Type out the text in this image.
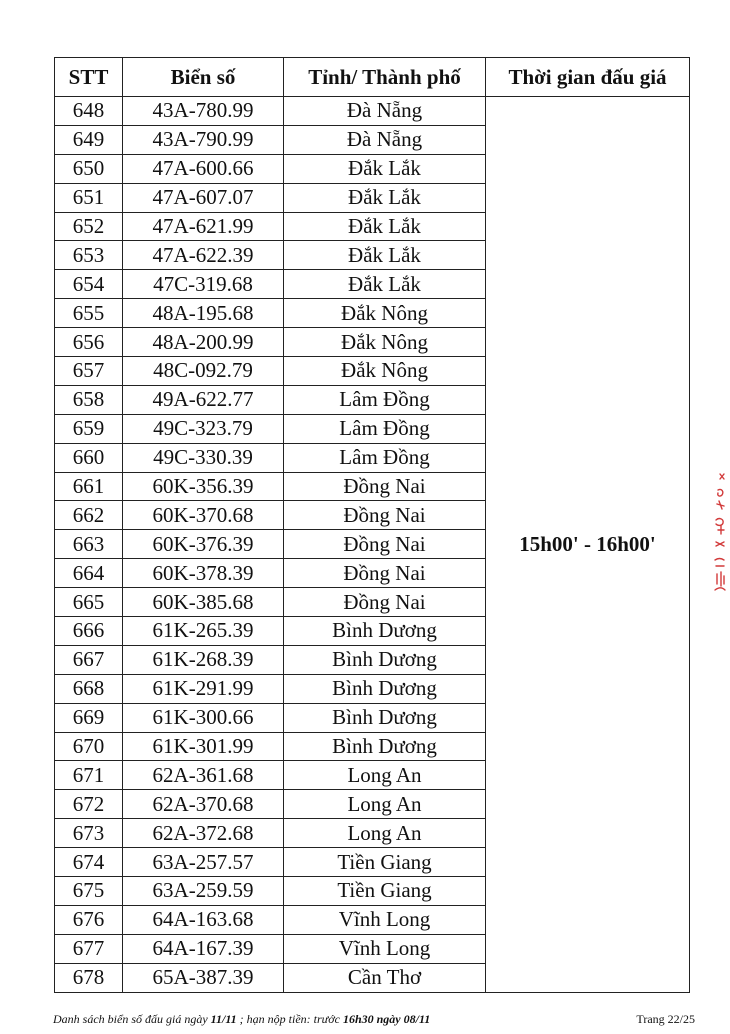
STT	Biển số	Tỉnh/ Thành phố	Thời gian đấu giá
648	43A-780.99	Đà Nẵng	15h00' - 16h00'
649	43A-790.99	Đà Nẵng	
650	47A-600.66	Đắk Lắk	
651	47A-607.07	Đắk Lắk	
652	47A-621.99	Đắk Lắk	
653	47A-622.39	Đắk Lắk	
654	47C-319.68	Đắk Lắk	
655	48A-195.68	Đắk Nông	
656	48A-200.99	Đắk Nông	
657	48C-092.79	Đắk Nông	
658	49A-622.77	Lâm Đồng	
659	49C-323.79	Lâm Đồng	
660	49C-330.39	Lâm Đồng	
661	60K-356.39	Đồng Nai	
662	60K-370.68	Đồng Nai	
663	60K-376.39	Đồng Nai	
664	60K-378.39	Đồng Nai	
665	60K-385.68	Đồng Nai	
666	61K-265.39	Bình Dương	
667	61K-268.39	Bình Dương	
668	61K-291.99	Bình Dương	
669	61K-300.66	Bình Dương	
670	61K-301.99	Bình Dương	
671	62A-361.68	Long An	
672	62A-370.68	Long An	
673	62A-372.68	Long An	
674	63A-257.57	Tiền Giang	
675	63A-259.59	Tiền Giang	
676	64A-163.68	Vĩnh Long	
677	64A-167.39	Vĩnh Long	
678	65A-387.39	Cần Thơ	
Danh sách biển số đấu giá ngày 11/11 ; hạn nộp tiền: trước 16h30 ngày 08/11	Trang 22/25
